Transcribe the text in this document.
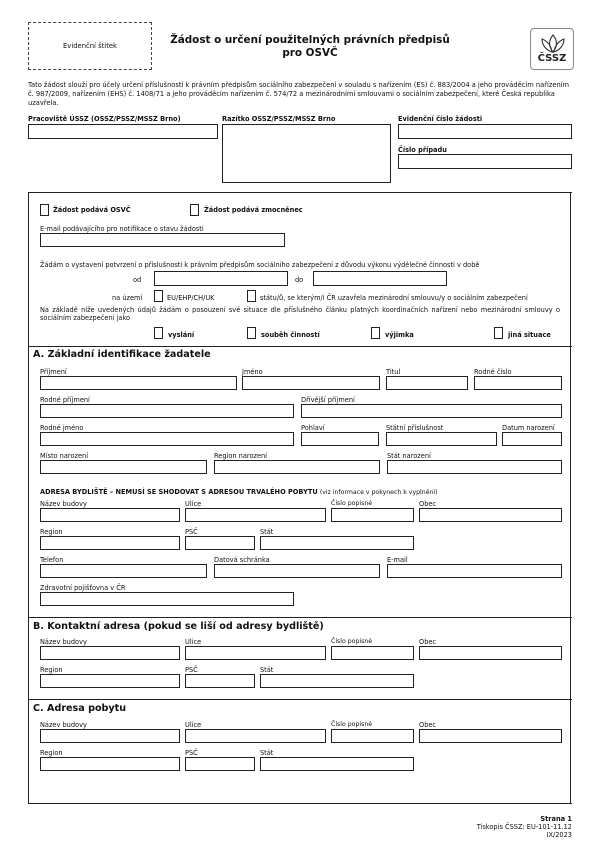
Evidenční štítek	Žádost o určení použitelných právních předpisů
pro OSVČ	ČSSZ
Tato žádost slouží pro účely určení příslušnosti k právním předpisům sociálního zabezpečení v souladu s nařízením (ES) č. 883/2004 a jeho prováděcím nařízením č. 987/2009, nařízením (EHS) č. 1408/71 a jeho prováděcím nařízením č. 574/72 a mezinárodními smlouvami o sociálním zabezpečení, které Česká republika uzavřela.
Pracoviště ÚSSZ (OSSZ/PSSZ/MSSZ Brno)	Razítko OSSZ/PSSZ/MSSZ Brno	Evidenční číslo žádosti
Číslo případu
Žádost podává OSVČ	Žádost podává zmocněnec
E-mail podávajícího pro notifikace o stavu žádosti
Žádám o vystavení potvrzení o příslušnosti k právním předpisům sociálního zabezpečení z důvodu výkonu výdělečné činnosti v době
od	do
na území	EU/EHP/CH/UK	státu/ů, se kterým/i ČR uzavřela mezinárodní smlouvu/y o sociálním zabezpečení
Na základě níže uvedených údajů žádám o posouzení své situace dle příslušného článku platných koordinačních nařízení nebo mezinárodní smlouvy o sociálním zabezpečení jako
vyslání	souběh činností	výjimka	jiná situace
A. Základní identifikace žadatele
Příjmení	Jméno	Titul	Rodné číslo
Rodné příjmení	Dřívější příjmení
Rodné jméno	Pohlaví	Státní příslušnost	Datum narození
Místo narození	Region narození	Stát narození
ADRESA BYDLIŠTĚ – NEMUSÍ SE SHODOVAT S ADRESOU TRVALÉHO POBYTU (viz informace v pokynech k vyplnění)
Název budovy	Ulice	Číslo popisné	Obec
Region	PSČ	Stát
Telefon	Datová schránka	E-mail
Zdravotní pojišťovna v ČR
B. Kontaktní adresa (pokud se liší od adresy bydliště)
Název budovy	Ulice	Číslo popisné	Obec
Region	PSČ	Stát
C. Adresa pobytu
Název budovy	Ulice	Číslo popisné	Obec
Region	PSČ	Stát
Strana 1
Tiskopis ČSSZ: EU-101-11.12
IX/2023
